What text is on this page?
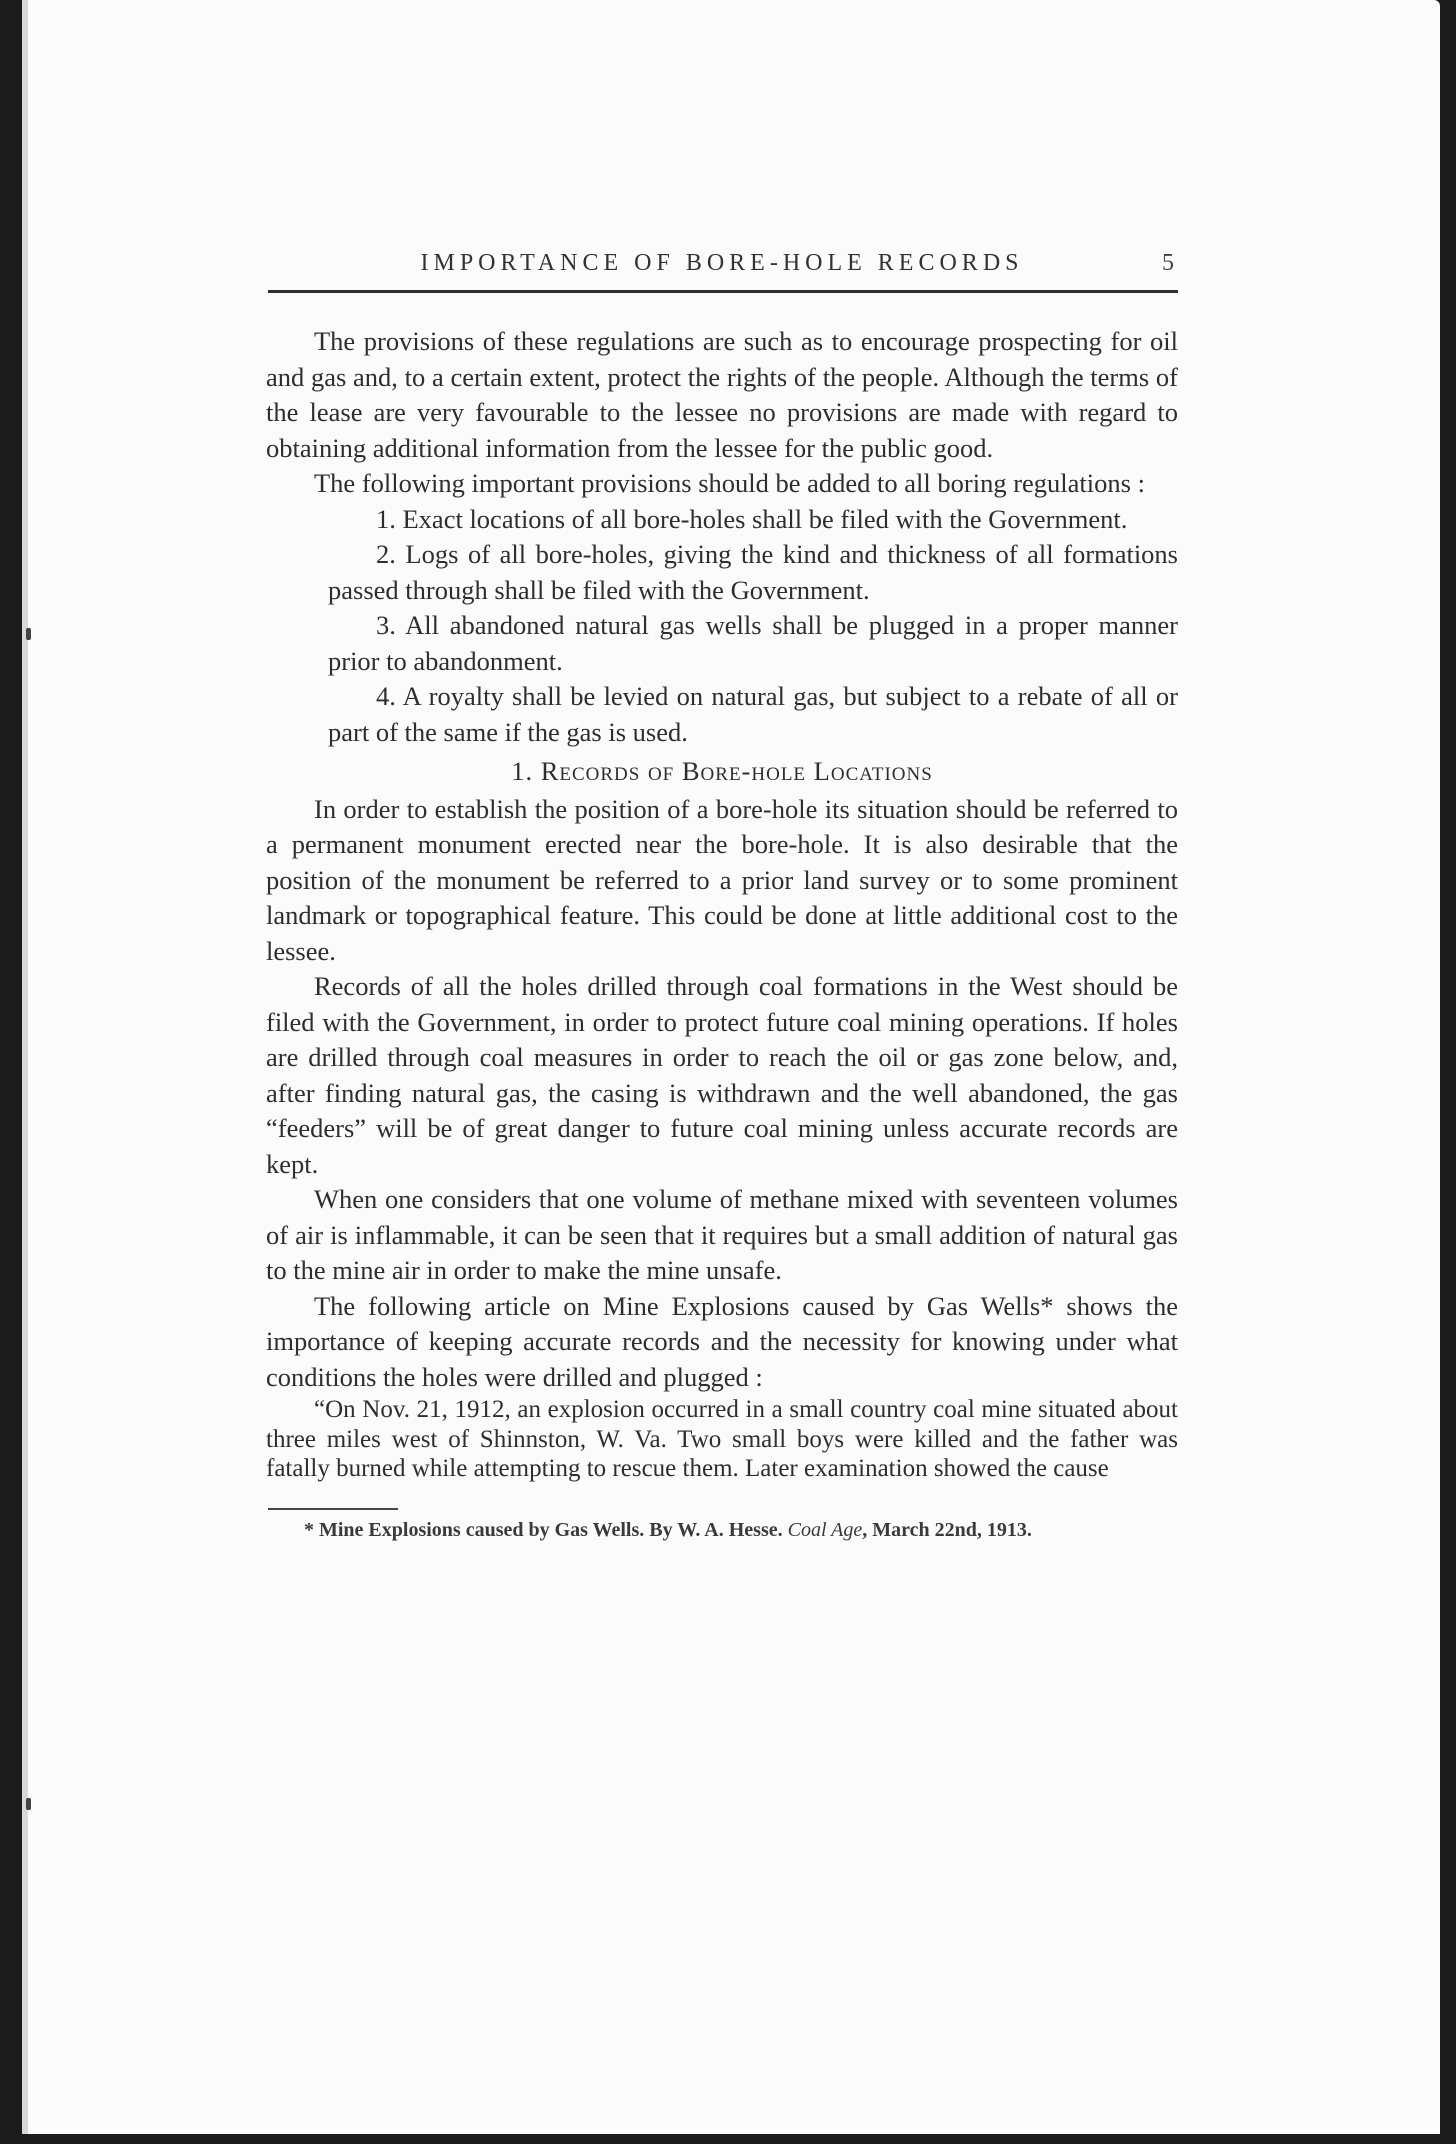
IMPORTANCE OF BORE-HOLE RECORDS	5

The provisions of these regulations are such as to encourage prospecting for oil and gas and, to a certain extent, protect the rights of the people. Although the terms of the lease are very favourable to the lessee no provisions are made with regard to obtaining additional information from the lessee for the public good.

The following important provisions should be added to all boring regulations :

1. Exact locations of all bore-holes shall be filed with the Government.

2. Logs of all bore-holes, giving the kind and thickness of all formations passed through shall be filed with the Government.

3. All abandoned natural gas wells shall be plugged in a proper manner prior to abandonment.

4. A royalty shall be levied on natural gas, but subject to a rebate of all or part of the same if the gas is used.

1. Records of Bore-hole Locations

In order to establish the position of a bore-hole its situation should be referred to a permanent monument erected near the bore-hole. It is also desirable that the position of the monument be referred to a prior land survey or to some prominent landmark or topographical feature. This could be done at little additional cost to the lessee.

Records of all the holes drilled through coal formations in the West should be filed with the Government, in order to protect future coal mining operations. If holes are drilled through coal measures in order to reach the oil or gas zone below, and, after finding natural gas, the casing is withdrawn and the well abandoned, the gas “feeders” will be of great danger to future coal mining unless accurate records are kept.

When one considers that one volume of methane mixed with seventeen volumes of air is inflammable, it can be seen that it requires but a small addition of natural gas to the mine air in order to make the mine unsafe.

The following article on Mine Explosions caused by Gas Wells* shows the importance of keeping accurate records and the necessity for knowing under what conditions the holes were drilled and plugged :

“On Nov. 21, 1912, an explosion occurred in a small country coal mine situated about three miles west of Shinnston, W. Va. Two small boys were killed and the father was fatally burned while attempting to rescue them. Later examination showed the cause

* Mine Explosions caused by Gas Wells. By W. A. Hesse. Coal Age, March 22nd, 1913.
